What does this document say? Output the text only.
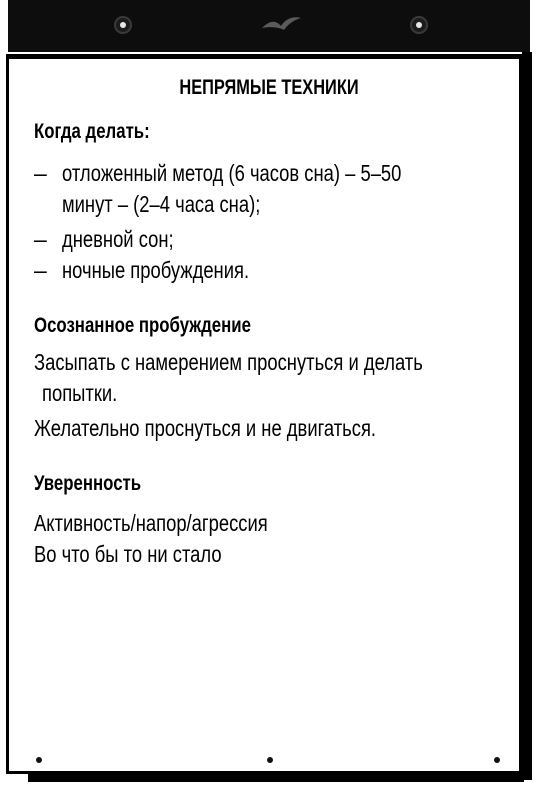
НЕПРЯМЫЕ ТЕХНИКИ
Когда делать:
– отложенный метод (6 часов сна) – 5–50
минут – (2–4 часа сна);
– дневной сон;
– ночные пробуждения.
Осознанное пробуждение
Засыпать с намерением проснуться и делать
попытки.
Желательно проснуться и не двигаться.
Уверенность
Активность/напор/агрессия
Во что бы то ни стало
